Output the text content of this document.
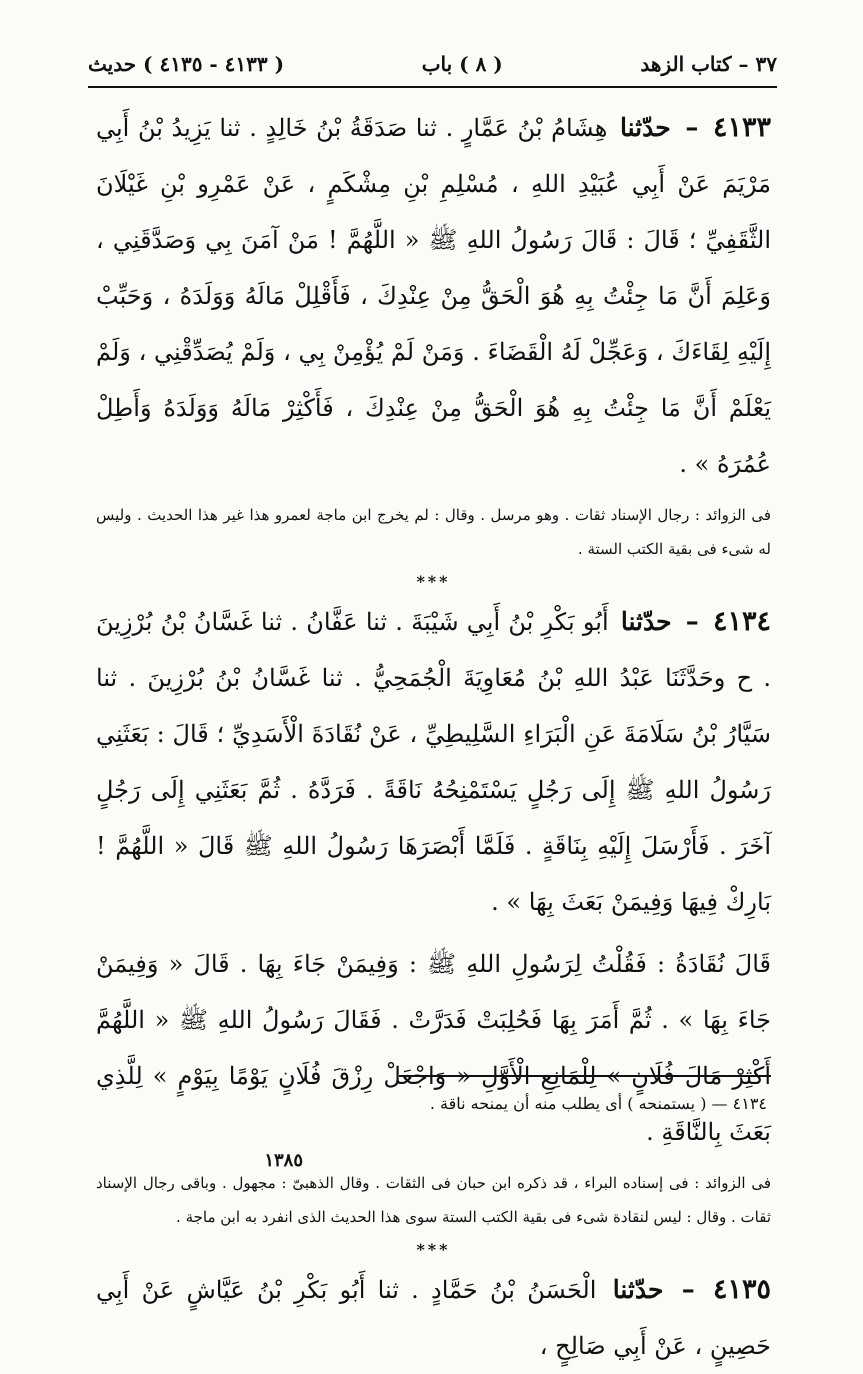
٣٧ – كتاب الزهد
( ٨ ) باب
( ٤١٣٣ - ٤١٣٥ ) حديث

٤١٣٣ – حدّثنا هِشَامُ بْنُ عَمَّارٍ . ثنا صَدَقَةُ بْنُ خَالِدٍ . ثنا يَزِيدُ بْنُ أَبِي مَرْيَمَ عَنْ أَبِي عُبَيْدِ اللهِ ، مُسْلِمِ بْنِ مِشْكَمٍ ، عَنْ عَمْرِو بْنِ غَيْلَانَ الثَّقَفِيِّ ؛ قَالَ : قَالَ رَسُولُ اللهِ ﷺ « اللَّهُمَّ ! مَنْ آمَنَ بِي وَصَدَّقَنِي ، وَعَلِمَ أَنَّ مَا جِئْتُ بِهِ هُوَ الْحَقُّ مِنْ عِنْدِكَ ، فَأَقْلِلْ مَالَهُ وَوَلَدَهُ ، وَحَبِّبْ إِلَيْهِ لِقَاءَكَ ، وَعَجِّلْ لَهُ الْقَضَاءَ . وَمَنْ لَمْ يُؤْمِنْ بِي ، وَلَمْ يُصَدِّقْنِي ، وَلَمْ يَعْلَمْ أَنَّ مَا جِئْتُ بِهِ هُوَ الْحَقُّ مِنْ عِنْدِكَ ، فَأَكْثِرْ مَالَهُ وَوَلَدَهُ وَأَطِلْ عُمُرَهُ » .

فى الزوائد : رجال الإسناد ثقات . وهو مرسل . وقال : لم يخرج ابن ماجة لعمرو هذا غير هذا الحديث . وليس له شىء فى بقية الكتب الستة .

***

٤١٣٤ – حدّثنا أَبُو بَكْرِ بْنُ أَبِي شَيْبَةَ . ثنا عَفَّانُ . ثنا غَسَّانُ بْنُ بُرْزِينَ . ح وحَدَّثَنَا عَبْدُ اللهِ بْنُ مُعَاوِيَةَ الْجُمَحِيُّ . ثنا غَسَّانُ بْنُ بُرْزِينَ . ثنا سَيَّارُ بْنُ سَلَامَةَ عَنِ الْبَرَاءِ السَّلِيطِيِّ ، عَنْ نُقَادَةَ الْأَسَدِيِّ ؛ قَالَ : بَعَثَنِي رَسُولُ اللهِ ﷺ إِلَى رَجُلٍ يَسْتَمْنِحُهُ نَاقَةً . فَرَدَّهُ . ثُمَّ بَعَثَنِي إِلَى رَجُلٍ آخَرَ . فَأَرْسَلَ إِلَيْهِ بِنَاقَةٍ . فَلَمَّا أَبْصَرَهَا رَسُولُ اللهِ ﷺ قَالَ « اللَّهُمَّ ! بَارِكْ فِيهَا وَفِيمَنْ بَعَثَ بِهَا » .

قَالَ نُقَادَةُ : فَقُلْتُ لِرَسُولِ اللهِ ﷺ : وَفِيمَنْ جَاءَ بِهَا . قَالَ « وَفِيمَنْ جَاءَ بِهَا » . ثُمَّ أَمَرَ بِهَا فَحُلِبَتْ فَدَرَّتْ . فَقَالَ رَسُولُ اللهِ ﷺ « اللَّهُمَّ أَكْثِرْ مَالَ فُلَانٍ » لِلْمَانِعِ الْأَوَّلِ « وَاجْعَلْ رِزْقَ فُلَانٍ يَوْمًا بِيَوْمٍ » لِلَّذِي بَعَثَ بِالنَّاقَةِ .

فى الزوائد : فى إسناده البراء ، قد ذكره ابن حبان فى الثقات . وقال الذهبىّ : مجهول . وباقى رجال الإسناد ثقات . وقال : ليس لنقادة شىء فى بقية الكتب الستة سوى هذا الحديث الذى انفرد به ابن ماجة .

***

٤١٣٥ – حدّثنا الْحَسَنُ بْنُ حَمَّادٍ . ثنا أَبُو بَكْرِ بْنُ عَيَّاشٍ عَنْ أَبِي حَصِينٍ ، عَنْ أَبِي صَالِحٍ ،

٤١٣٤ — ( يستمنحه ) أى يطلب منه أن يمنحه ناقة .
١٣٨٥
